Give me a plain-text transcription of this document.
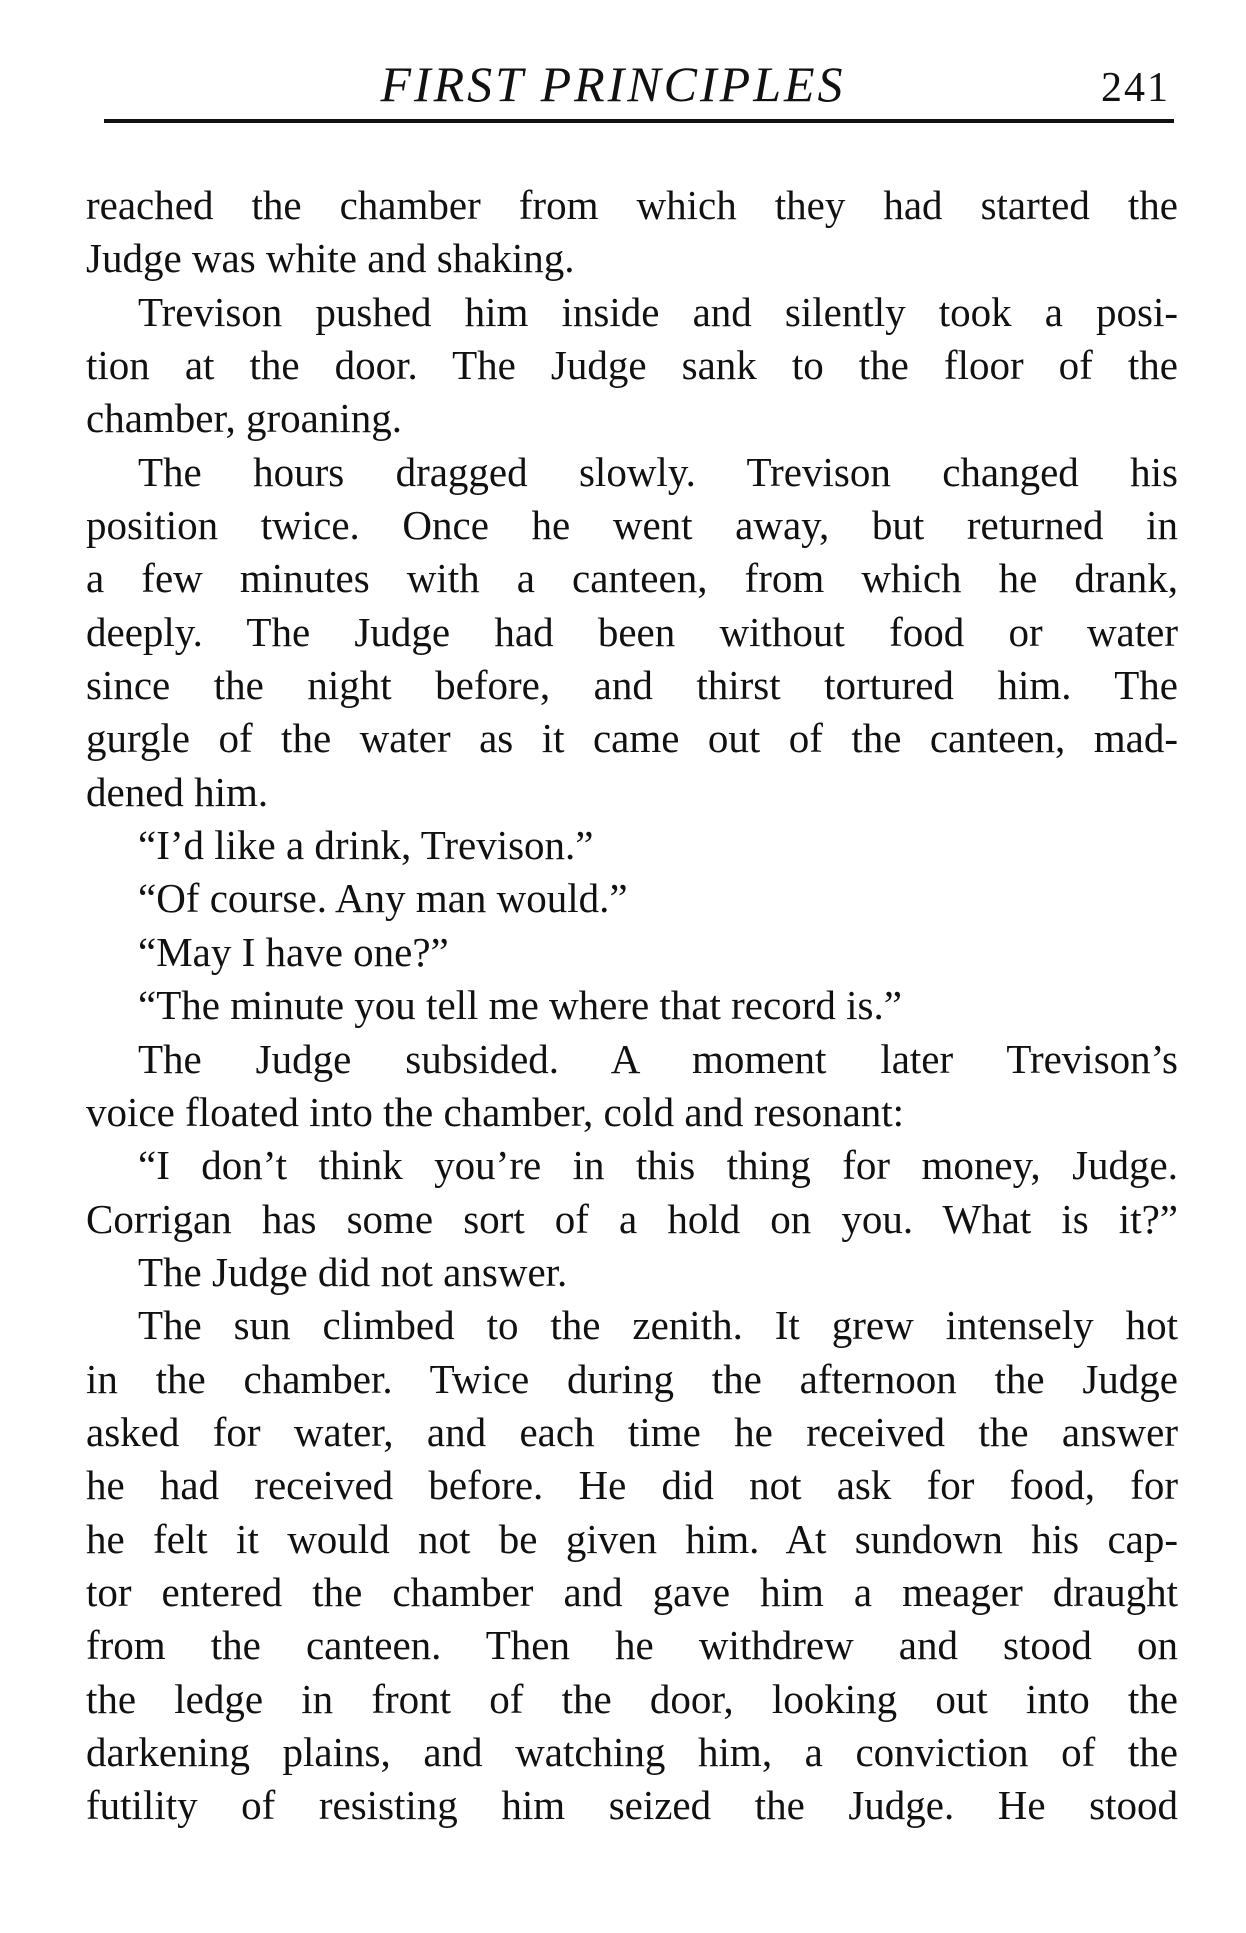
FIRST PRINCIPLES	241
reached the chamber from which they had started the
Judge was white and shaking.
Trevison pushed him inside and silently took a posi-
tion at the door. The Judge sank to the floor of the
chamber, groaning.
The hours dragged slowly. Trevison changed his
position twice. Once he went away, but returned in
a few minutes with a canteen, from which he drank,
deeply. The Judge had been without food or water
since the night before, and thirst tortured him. The
gurgle of the water as it came out of the canteen, mad-
dened him.
“I’d like a drink, Trevison.”
“Of course. Any man would.”
“May I have one?”
“The minute you tell me where that record is.”
The Judge subsided. A moment later Trevison’s
voice floated into the chamber, cold and resonant:
“I don’t think you’re in this thing for money, Judge.
Corrigan has some sort of a hold on you. What is it?”
The Judge did not answer.
The sun climbed to the zenith. It grew intensely hot
in the chamber. Twice during the afternoon the Judge
asked for water, and each time he received the answer
he had received before. He did not ask for food, for
he felt it would not be given him. At sundown his cap-
tor entered the chamber and gave him a meager draught
from the canteen. Then he withdrew and stood on
the ledge in front of the door, looking out into the
darkening plains, and watching him, a conviction of the
futility of resisting him seized the Judge. He stood
